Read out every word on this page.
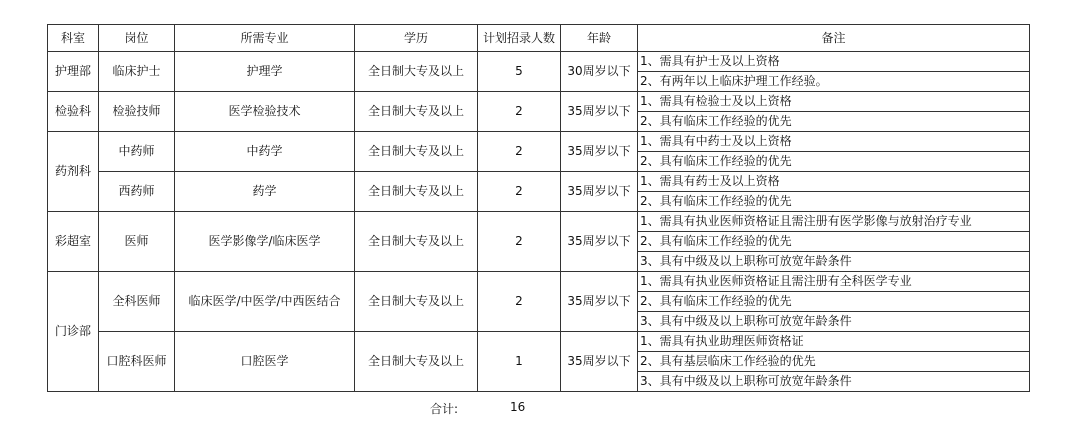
科室	岗位	所需专业	学历	计划招录人数	年龄	备注
护理部	临床护士	护理学	全日制大专及以上	5	30周岁以下	1、需具有护士及以上资格
						2、有两年以上临床护理工作经验。
检验科	检验技师	医学检验技术	全日制大专及以上	2	35周岁以下	1、需具有检验士及以上资格
						2、具有临床工作经验的优先
药剂科	中药师	中药学	全日制大专及以上	2	35周岁以下	1、需具有中药士及以上资格
						2、具有临床工作经验的优先
	西药师	药学	全日制大专及以上	2	35周岁以下	1、需具有药士及以上资格
						2、具有临床工作经验的优先
彩超室	医师	医学影像学/临床医学	全日制大专及以上	2	35周岁以下	1、需具有执业医师资格证且需注册有医学影像与放射治疗专业
						2、具有临床工作经验的优先
						3、具有中级及以上职称可放宽年龄条件
门诊部	全科医师	临床医学/中医学/中西医结合	全日制大专及以上	2	35周岁以下	1、需具有执业医师资格证且需注册有全科医学专业
						2、具有临床工作经验的优先
						3、具有中级及以上职称可放宽年龄条件
	口腔科医师	口腔医学	全日制大专及以上	1	35周岁以下	1、需具有执业助理医师资格证
						2、具有基层临床工作经验的优先
						3、具有中级及以上职称可放宽年龄条件
合计:	16
